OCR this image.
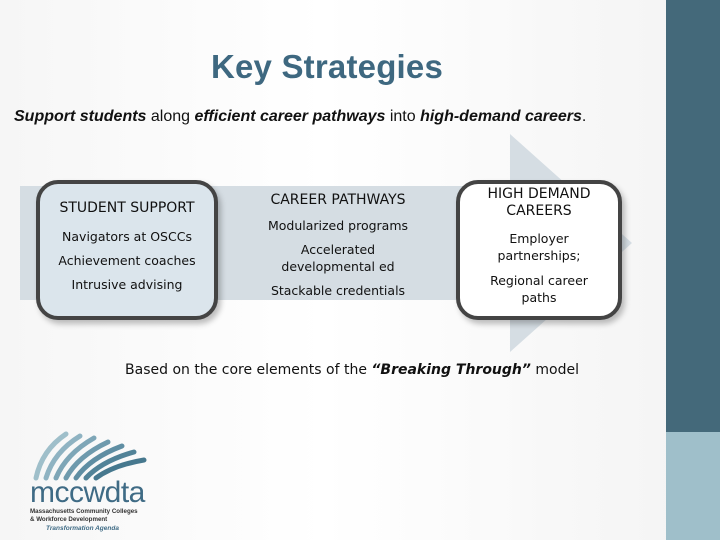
Key Strategies
Support students along efficient career pathways into high-demand careers.
STUDENT SUPPORT
Navigators at OSCCs
Achievement coaches
Intrusive advising
CAREER PATHWAYS
Modularized programs
Accelerated
developmental ed
Stackable credentials
HIGH DEMAND
CAREERS
Employer
partnerships;
Regional career
paths
Based on the core elements of the “Breaking Through” model
mccwdta
Massachusetts Community Colleges
& Workforce Development
Transformation Agenda
